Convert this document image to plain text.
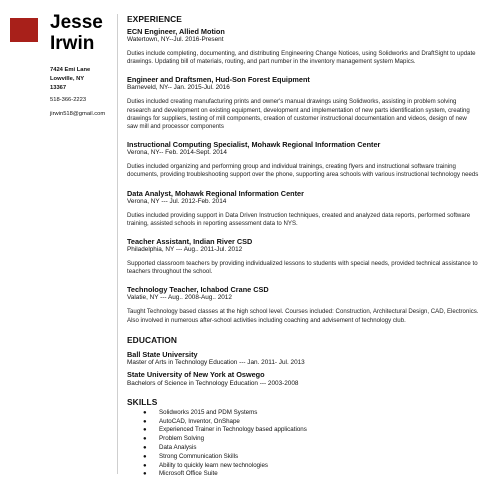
Jesse
Irwin
7424 Emi Lane
Lowville, NY
13367
518-366-2223
jirwin518@gmail.com
EXPERIENCE
ECN Engineer, Allied Motion
Watertown, NY--Jul. 2016-Present
Duties include completing, documenting, and distributing Engineering Change Notices, using Solidworks and DraftSight to update drawings. Updating bill of materials, routing, and part number in the inventory management system Mapics.
Engineer and Draftsmen, Hud-Son Forest Equipment
Barneveld, NY-- Jan. 2015-Jul. 2016
Duties included creating manufacturing prints and owner's manual drawings using Solidworks, assisting in problem solving research and development on existing equipment, development and implementation of new parts identification system, creating drawings for suppliers, testing of mill components, creation of customer instructional documentation and videos, design of new saw mill and processor components
Instructional Computing Specialist, Mohawk Regional Information Center
Verona, NY-- Feb. 2014-Sept. 2014
Duties included organizing and performing group and individual trainings, creating flyers and instructional software training documents, providing troubleshooting support over the phone, supporting area schools with various instructional technology needs
Data Analyst, Mohawk Regional Information Center
Verona, NY --- Jul. 2012-Feb. 2014
Duties included providing support in Data Driven Instruction techniques, created and analyzed data reports, performed software training, assisted schools in reporting assessment data to NYS.
Teacher Assistant, Indian River CSD
Philadelphia, NY --- Aug.. 2011-Jul. 2012
Supported classroom teachers by providing individualized lessons to students with special needs, provided technical assistance to teachers throughout the school.
Technology Teacher, Ichabod Crane CSD
Valatie, NY --- Aug.. 2008-Aug.. 2012
Taught Technology based classes at the high school level. Courses included: Construction, Architectural Design, CAD, Electronics. Also involved in numerous after-school activities including coaching and advisement of technology club.
EDUCATION
Ball State University
Master of Arts in Technology Education --- Jan. 2011- Jul. 2013
State University of New York at Oswego
Bachelors of Science in Technology Education --- 2003-2008
SKILLS
● Solidworks 2015 and PDM Systems
● AutoCAD, Inventor, OnShape
● Experienced Trainer in Technology based applications
● Problem Solving
● Data Analysis
● Strong Communication Skills
● Ability to quickly learn new technologies
● Microsoft Office Suite
